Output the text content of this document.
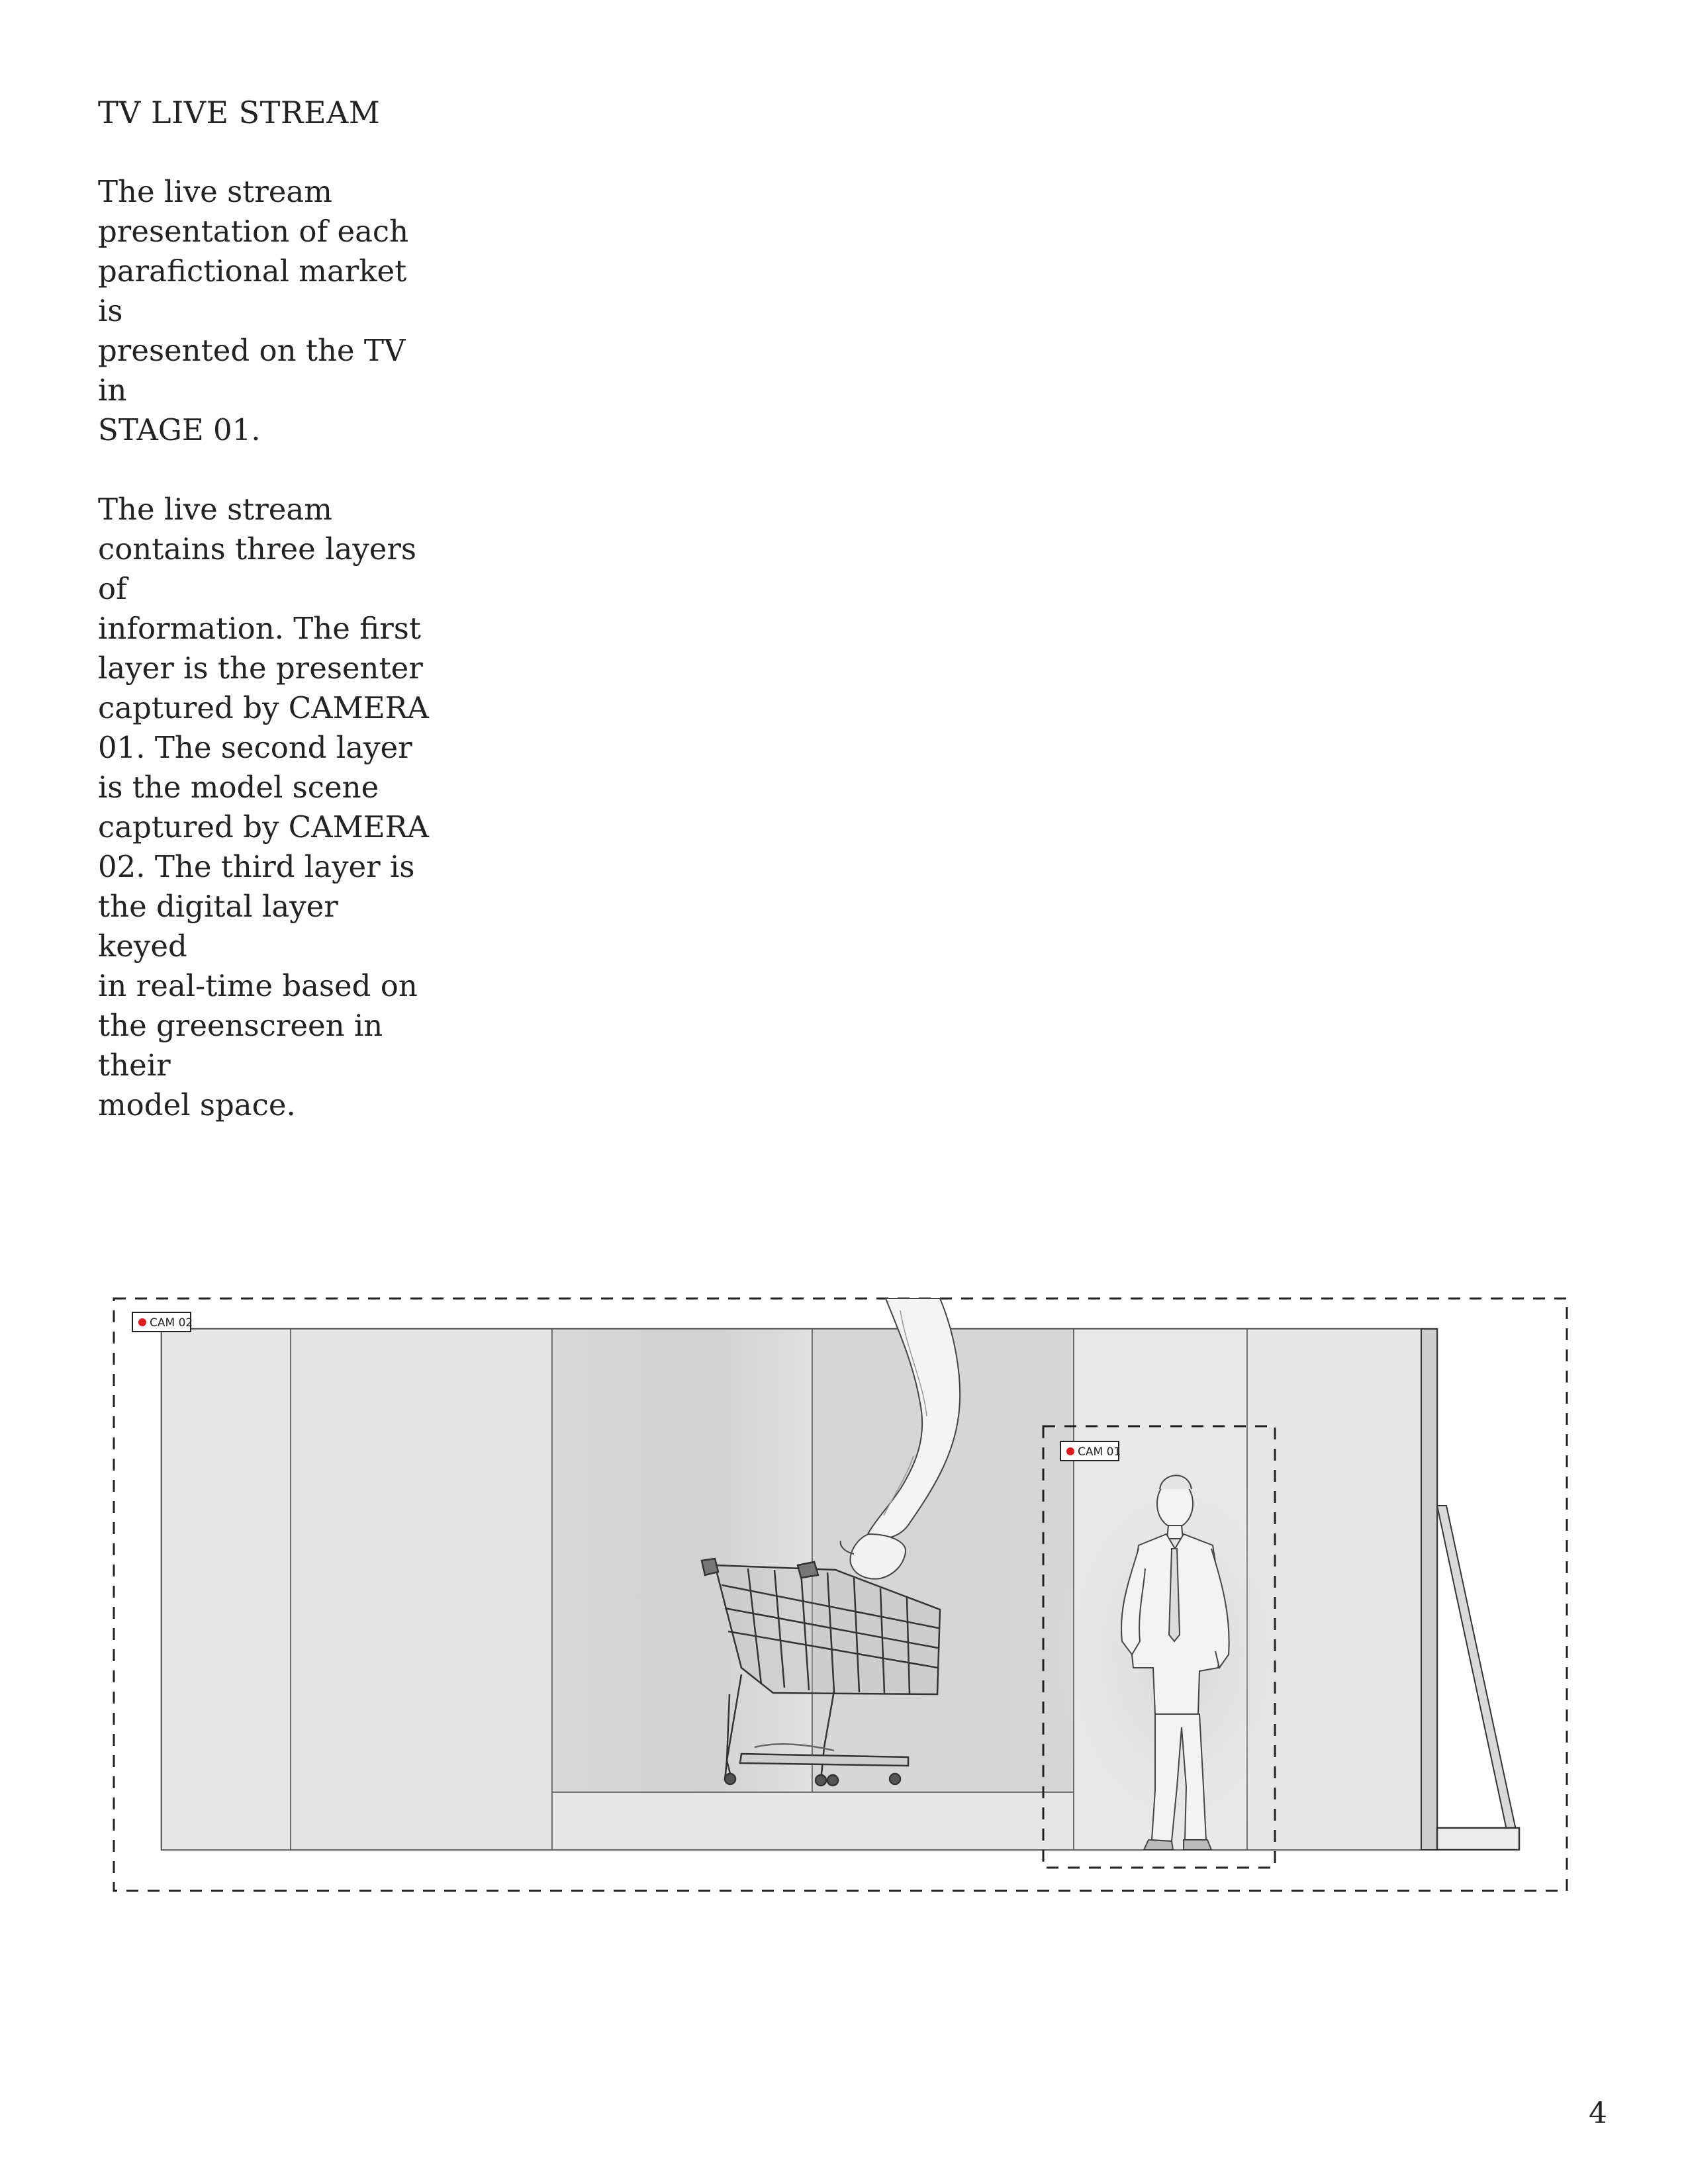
TV LIVE STREAM

The live stream
presentation of each
parafictional market is
presented on the TV in
STAGE 01.

The live stream
contains three layers of
information. The first
layer is the presenter
captured by CAMERA
01. The second layer
is the model scene
captured by CAMERA
02. The third layer is
the digital layer keyed
in real-time based on
the greenscreen in their
model space.

CAM 02
CAM 01
4
